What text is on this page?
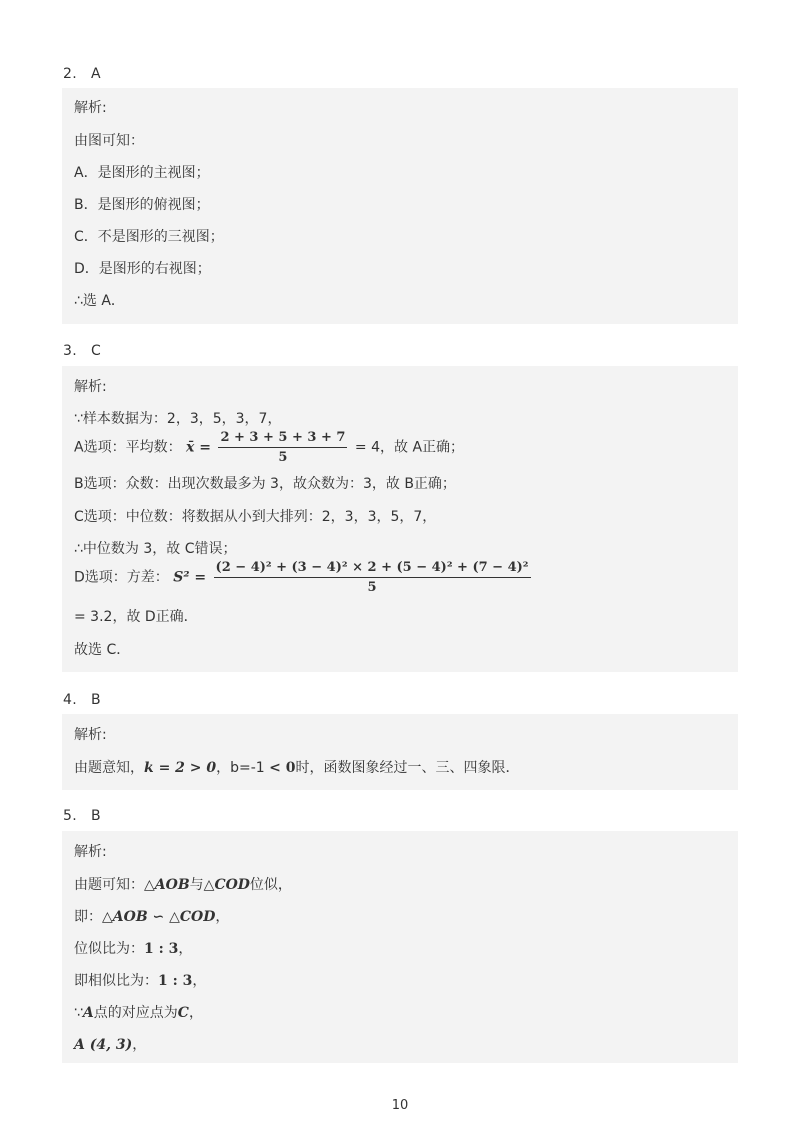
2. A
解析:
由图可知：
A．是图形的主视图；
B．是图形的俯视图；
C．不是图形的三视图；
D．是图形的右视图；
∴选 A．
3. C
解析:
∵样本数据为：2，3，5，3，7，
A选项：平均数： x̄ = $\frac{2 + 3 + 5 + 3 + 7}{5} = 4$，故 A正确；
B选项：众数：出现次数最多为 3，故众数为：3，故 B正确；
C选项：中位数：将数据从小到大排列：2，3，3，5，7，
∴中位数为 3，故 C错误；
D选项：方差： $S^2 = \frac{\text{(2 − 4)² + (3 − 4)² × 2 + (5 − 4)² + (7 − 4)²}}{5}$
= 3.2，故 D正确．
故选 C．
4. B
解析:
由题意知，k = 2 > 0，b=-1 < 0时，函数图象经过一、三、四象限．
5. B
解析:
由题可知：△AOB与△COD位似，
即：△AOB ∽ △COD，
位似比为：1 : 3，
即相似比为：1 : 3，
∵A点的对应点为C，
A (4, 3)，
10
